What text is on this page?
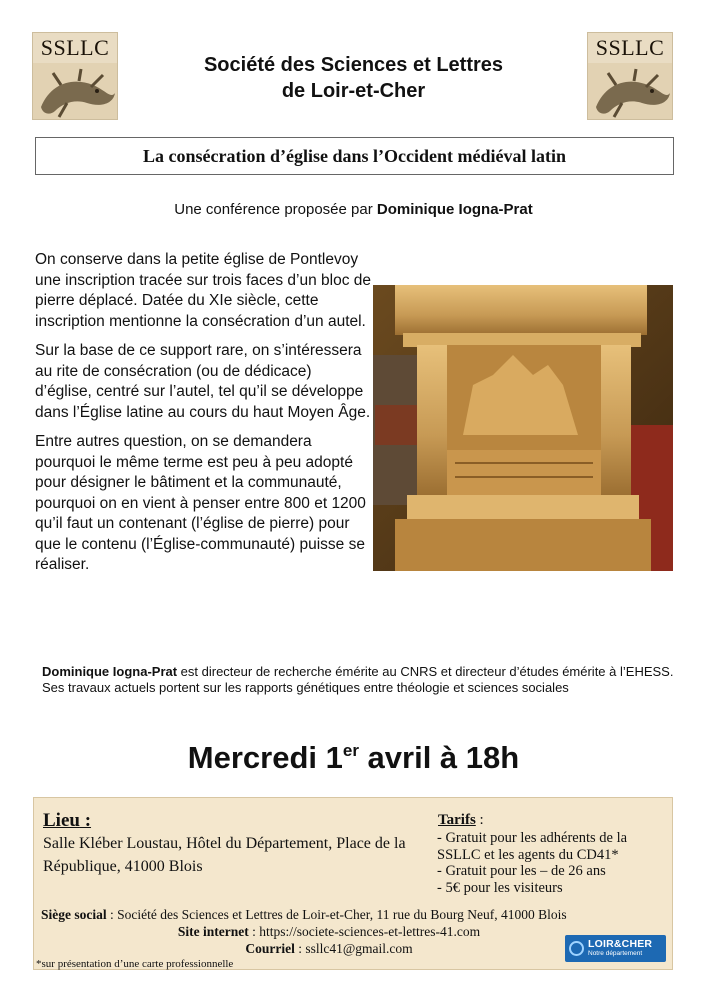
SSLLC	SSLLC
Société des Sciences et Lettres
de Loir-et-Cher
La consécration d’église dans l’Occident médiéval latin
Une conférence proposée par Dominique Iogna-Prat

On conserve dans la petite église de Pontlevoy une inscription tracée sur trois faces d’un bloc de pierre déplacé. Datée du XIe siècle, cette inscription mentionne la consécration d’un autel.

Sur la base de ce support rare, on s’intéressera au rite de consécration (ou de dédicace) d’église, centré sur l’autel, tel qu’il se développe dans l’Église latine au cours du haut Moyen Âge.

Entre autres question, on se demandera pourquoi le même terme est peu à peu adopté pour désigner le bâtiment et la communauté, pourquoi on en vient à penser entre 800 et 1200 qu’il faut un contenant (l’église de pierre) pour que le contenu (l’Église-communauté) puisse se réaliser.

Dominique Iogna-Prat est directeur de recherche émérite au CNRS et directeur d’études émérite à l’EHESS. Ses travaux actuels portent sur les rapports génétiques entre théologie et sciences sociales
Mercredi 1er avril à 18h
Lieu :
Salle Kléber Loustau, Hôtel du Département, Place de la République, 41000 Blois
Tarifs :
- Gratuit pour les adhérents de la SSLLC et les agents du CD41*
- Gratuit pour les – de 26 ans
- 5€ pour les visiteurs
Siège social : Société des Sciences et Lettres de Loir-et-Cher, 11 rue du Bourg Neuf, 41000 Blois
Site internet : https://societe-sciences-et-lettres-41.com
Courriel : ssllc41@gmail.com
*sur présentation d’une carte professionnelle
LOIR&CHER
Notre département
